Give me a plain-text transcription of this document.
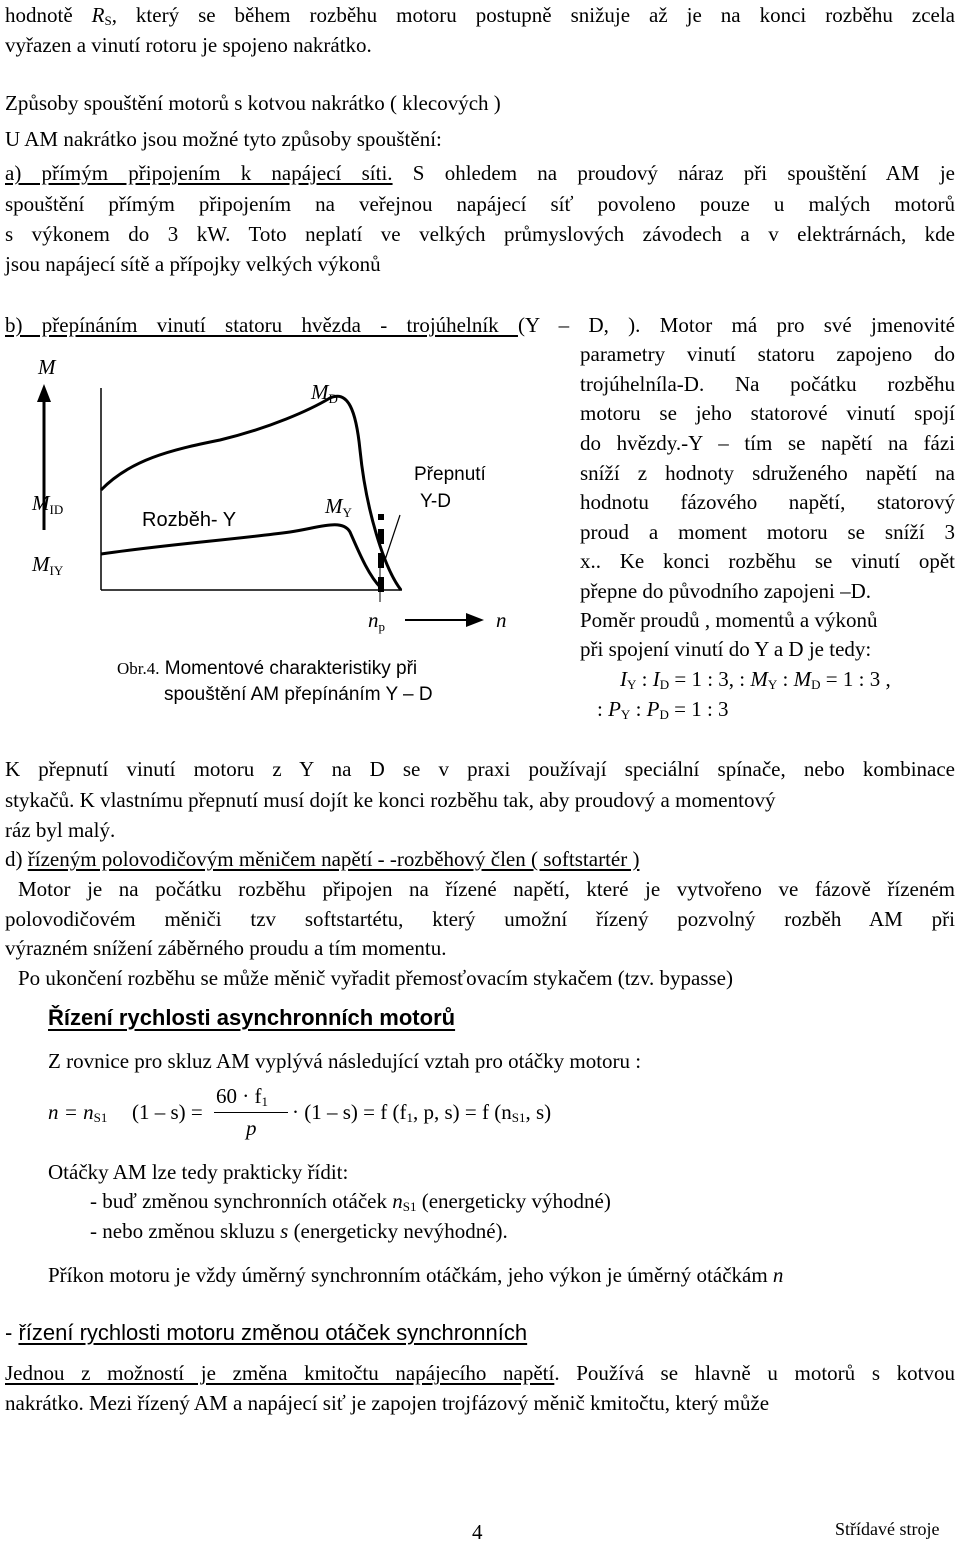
hodnotě $R_S$, který se během rozběhu motoru postupně snižuje až je na konci rozběhu zcela
vyřazen a vinutí rotoru je spojeno nakrátko.
Způsoby spouštění motorů s kotvou nakrátko ( klecových )
U AM nakrátko jsou možné tyto způsoby spouštění:
a) přímým připojením k napájecí síti. S ohledem na proudový náraz při spouštění AM je
spouštění přímým připojením na veřejnou napájecí síť povoleno pouze u malých motorů
s výkonem do 3 kW. Toto neplatí ve velkých průmyslových závodech a v elektrárnách, kde
jsou napájecí sítě a přípojky velkých výkonů
b) přepínáním vinutí statoru hvězda - trojúhelník (Y – D, ). Motor má pro své jmenovité
parametry vinutí statoru zapojeno do
trojúhelníla-D. Na počátku rozběhu
motoru se jeho statorové vinutí spojí
do hvězdy.-Y – tím se napětí na fázi
sníží z hodnoty sdruženého napětí na
hodnotu fázového napětí, statorový
proud a moment motoru se sníží 3
x.. Ke konci rozběhu se vinutí opět
přepne do původního zapojeni –D.
Poměr proudů , momentů a výkonů
při spojení vinutí do Y a D je tedy:
$I_Y$ : $I_D = 1$ : 3, : $M_Y$ : $M_D = 1$ : 3 ,
: $P_Y$ : $P_D = 1$ : 3
M
MD
MID
MIY
MY
Rozběh- Y
Přepnutí
Y-D
np	n
Obr.4. Momentové charakteristiky při
spouštění AM přepínáním Y – D
K přepnutí vinutí motoru z Y na D se v praxi používají speciální spínače, nebo kombinace
stykačů. K vlastnímu přepnutí musí dojít ke konci rozběhu tak, aby proudový a momentový
ráz byl malý.
d) řízeným polovodičovým měničem napětí - -rozběhový člen ( softstartér )
Motor je na počátku rozběhu připojen na řízené napětí, které je vytvořeno ve fázově řízeném
polovodičovém měniči tzv softstartétu, který umožní řízený pozvolný rozběh AM při
výrazném snížení záběrného proudu a tím momentu.
Po ukončení rozběhu se může měnič vyřadit přemosťovacím stykačem (tzv. bypasse)
Řízení rychlosti asynchronních motorů
Z rovnice pro skluz AM vyplývá následující vztah pro otáčky motoru :
$n = n_{S1}$ (1 – s) =
$60 \cdot f_1$
p
· (1 – s) = f ($f_1$, p, s) = f ($n_{S1}$, s)
Otáčky AM lze tedy prakticky řídit:
- buď změnou synchronních otáček $n_{S1}$ (energeticky výhodné)
- nebo změnou skluzu s (energeticky nevýhodné).
Příkon motoru je vždy úměrný synchronním otáčkám, jeho výkon je úměrný otáčkám n
- řízení rychlosti motoru změnou otáček synchronních
Jednou z možností je změna kmitočtu napájecího napětí. Používá se hlavně u motorů s kotvou
nakrátko. Mezi řízený AM a napájecí siť je zapojen trojfázový měnič kmitočtu, který může
4	Střídavé stroje
